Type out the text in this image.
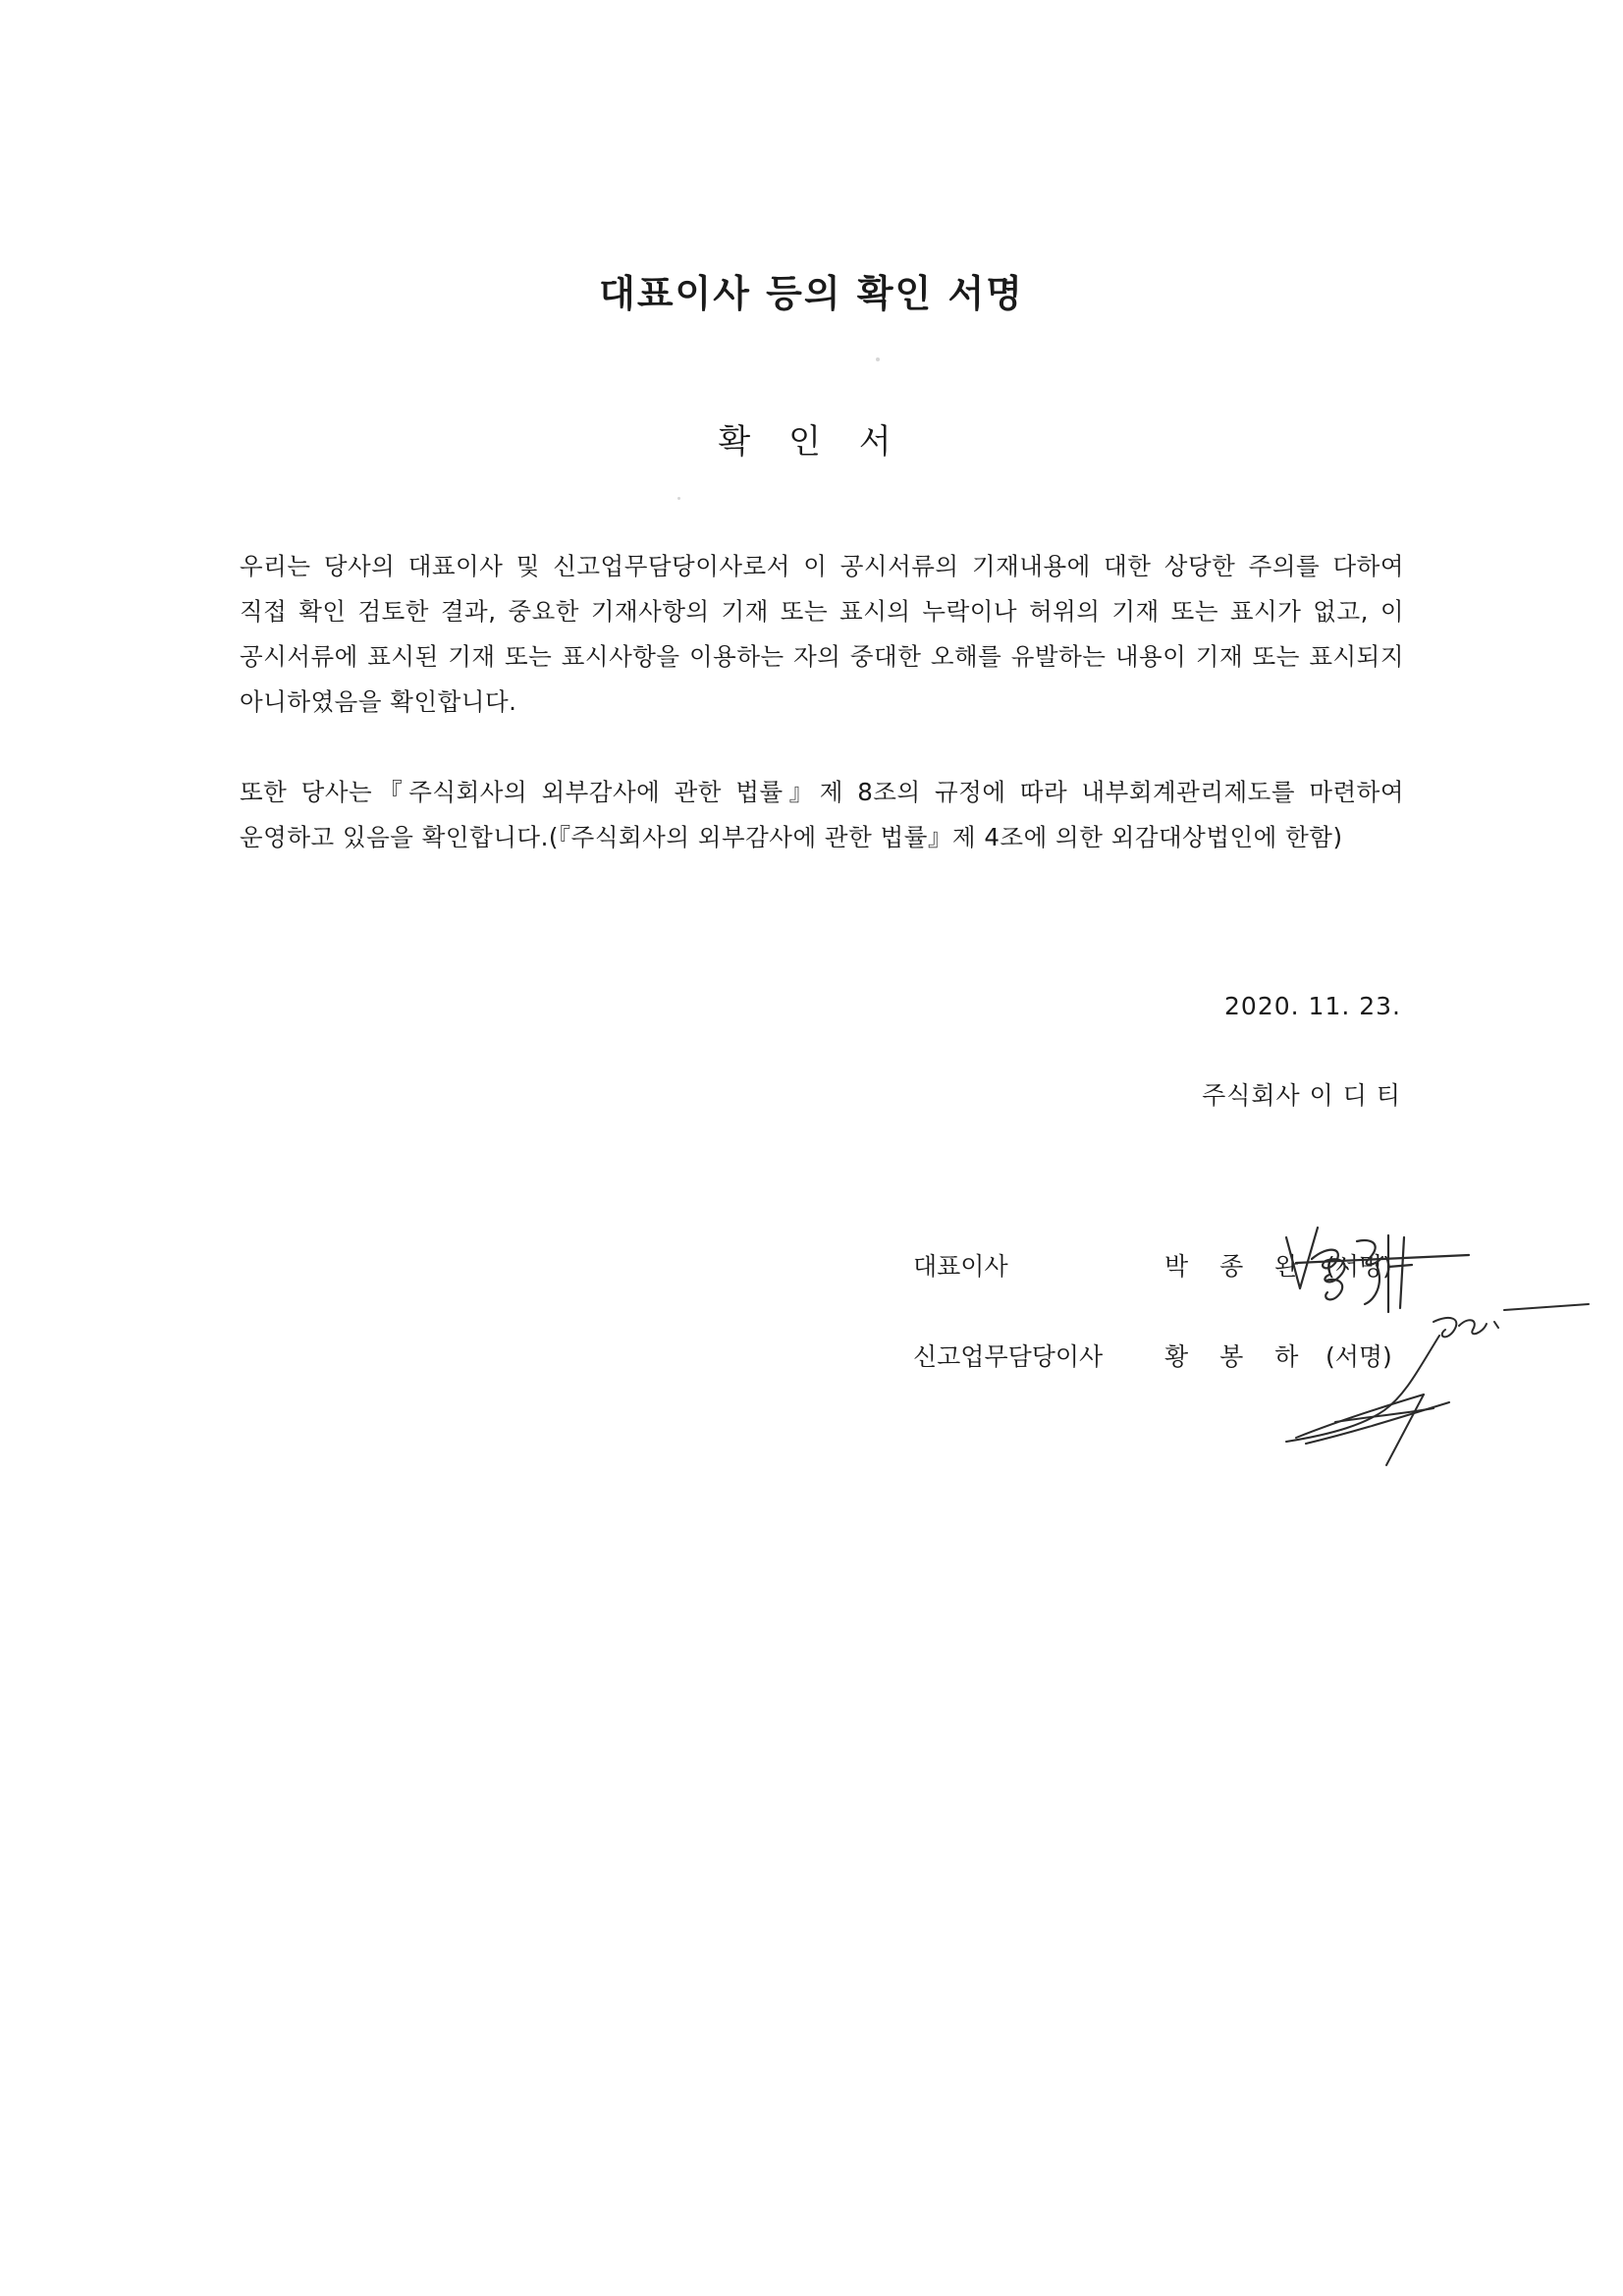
대표이사 등의 확인 서명
확 인 서

우리는 당사의 대표이사 및 신고업무담당이사로서 이 공시서류의 기재내용에 대한 상당한 주의를 다하여 직접 확인 검토한 결과, 중요한 기재사항의 기재 또는 표시의 누락이나 허위의 기재 또는 표시가 없고, 이 공시서류에 표시된 기재 또는 표시사항을 이용하는 자의 중대한 오해를 유발하는 내용이 기재 또는 표시되지 아니하였음을 확인합니다.

또한 당사는『주식회사의 외부감사에 관한 법률』제 8조의 규정에 따라 내부회계관리제도를 마련하여 운영하고 있음을 확인합니다.(『주식회사의 외부감사에 관한 법률』제 4조에 의한 외감대상법인에 한함)

2020. 11. 23.

주식회사 이 디 티

대표이사	박 종 완 (서명)
신고업무담당이사	황 봉 하 (서명)
